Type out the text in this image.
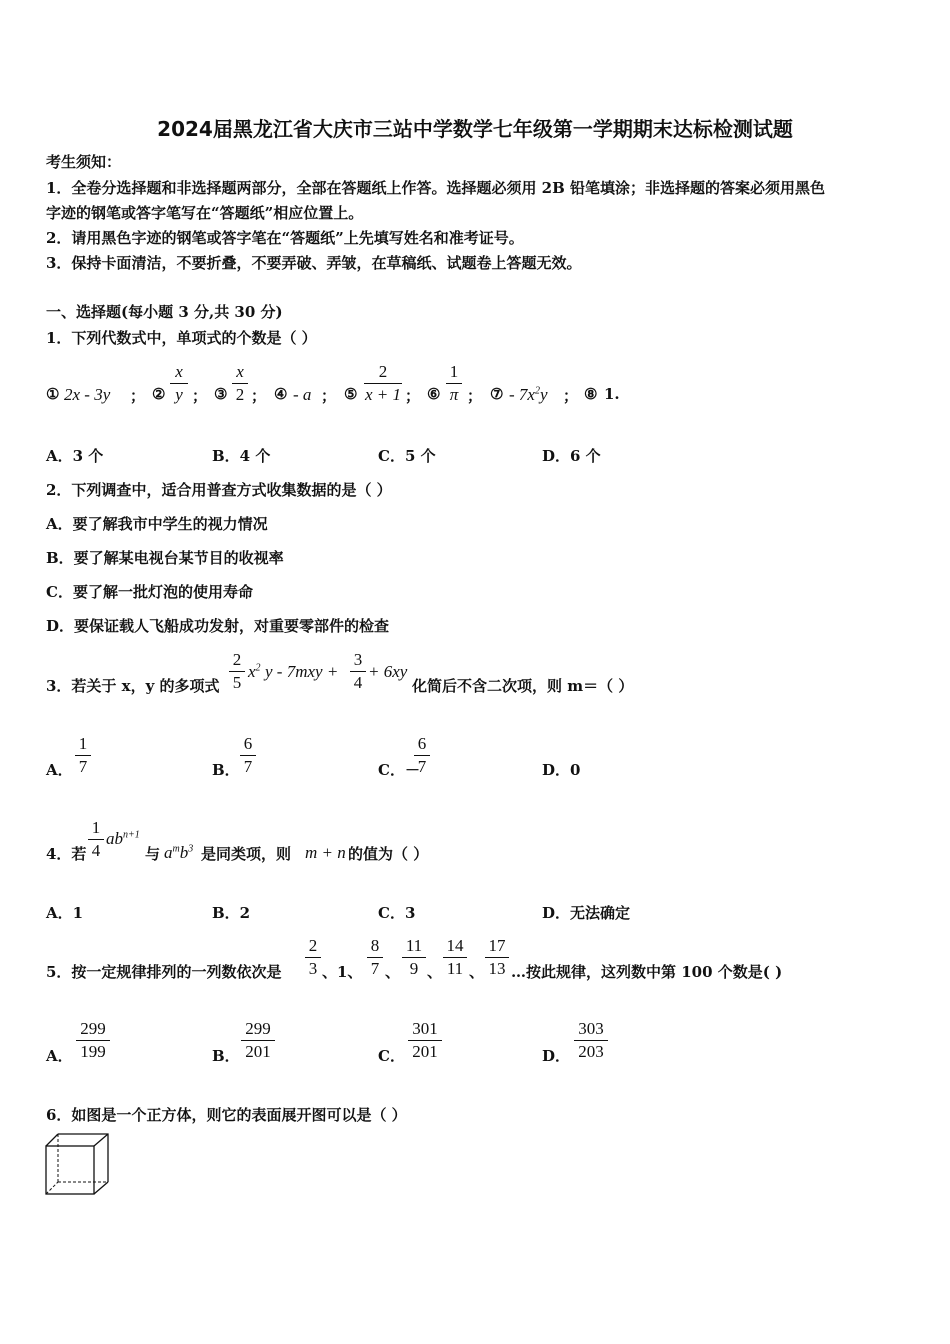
2024届黑龙江省大庆市三站中学数学七年级第一学期期末达标检测试题
考生须知：
1．全卷分选择题和非选择题两部分，全部在答题纸上作答。选择题必须用 2B 铅笔填涂；非选择题的答案必须用黑色
字迹的钢笔或答字笔写在“答题纸”相应位置上。
2．请用黑色字迹的钢笔或答字笔在“答题纸”上先填写姓名和准考证号。
3．保持卡面清洁，不要折叠，不要弄破、弄皱，在草稿纸、试题卷上答题无效。
一、选择题(每小题 3 分,共 30 分)
1．下列代数式中，单项式的个数是（ ）
① 2x - 3y ； ②
x
y ； ③
x
2 ； ④ - a ； ⑤
2
x + 1 ； ⑥
1
π ； ⑦ - $7x^2y$ ； ⑧ 1.
A．3 个	B．4 个	C．5 个	D．6 个
2．下列调查中，适合用普查方式收集数据的是（ ）
A．要了解我市中学生的视力情况
B．要了解某电视台某节目的收视率
C．要了解一批灯泡的使用寿命
D．要保证载人飞船成功发射，对重要零部件的检查
3．若关于 x，y 的多项式
2
5
$x^2$ y - 7mxy +
3
4
+ 6xy
化简后不含二次项，则 m＝（ ）
A．
1
7	B．
6
7	C．－
6
7	D．0
4．若
1
4
$ab^{n+1}$
与 $a^mb^3$ 是同类项，则 m + n 的值为（ ）
A．1	B．2	C．3	D．无法确定
5．按一定规律排列的一列数依次是
2
3 、1、
8
7 、
11
9 、
14
11 、
17
13 …按此规律，这列数中第 100 个数是( )
A．
299
199	B．
299
201	C．
301
201	D．
303
203
6．如图是一个正方体，则它的表面展开图可以是（ ）
